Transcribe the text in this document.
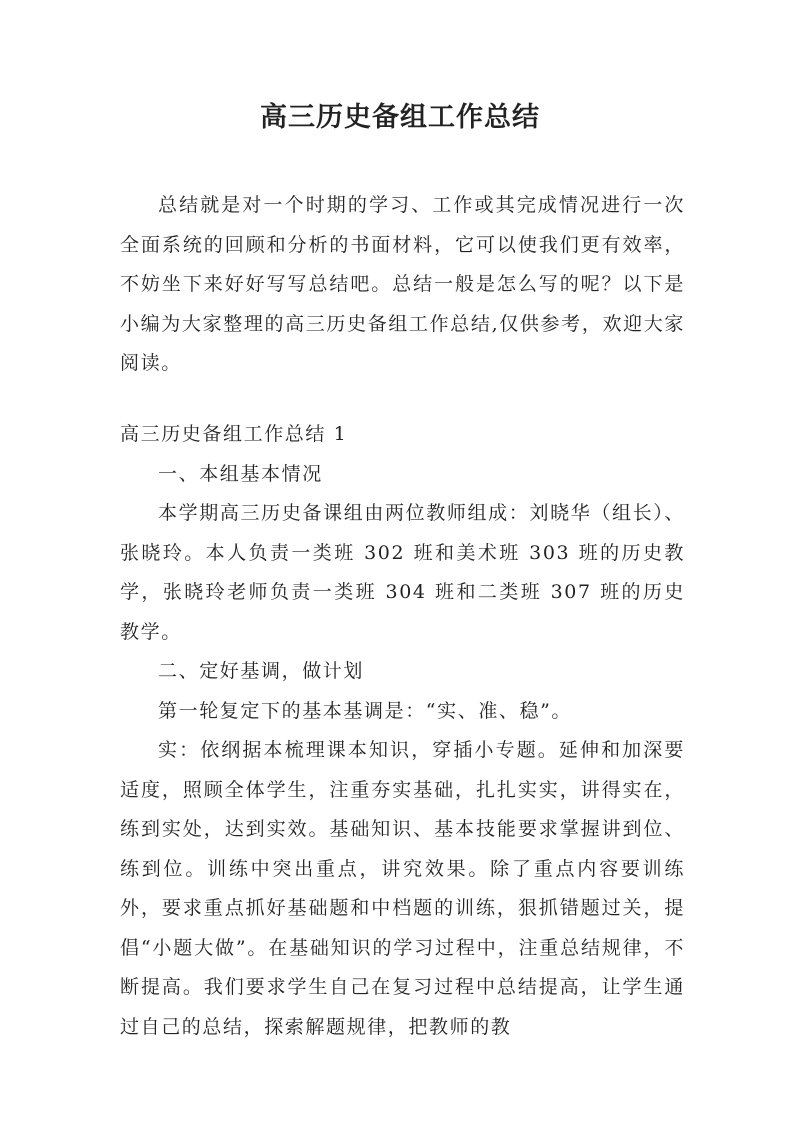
高三历史备组工作总结

总结就是对一个时期的学习、工作或其完成情况进行一次全面系统的回顾和分析的书面材料，它可以使我们更有效率，不妨坐下来好好写写总结吧。总结一般是怎么写的呢？以下是小编为大家整理的高三历史备组工作总结,仅供参考，欢迎大家阅读。

高三历史备组工作总结 1

一、本组基本情况

本学期高三历史备课组由两位教师组成：刘晓华（组长）、张晓玲。本人负责一类班 302 班和美术班 303 班的历史教学，张晓玲老师负责一类班 304 班和二类班 307 班的历史教学。

二、定好基调，做计划

第一轮复定下的基本基调是：“实、准、稳”。

实：依纲据本梳理课本知识，穿插小专题。延伸和加深要适度，照顾全体学生，注重夯实基础，扎扎实实，讲得实在，练到实处，达到实效。基础知识、基本技能要求掌握讲到位、练到位。训练中突出重点，讲究效果。除了重点内容要训练外，要求重点抓好基础题和中档题的训练，狠抓错题过关，提倡“小题大做”。在基础知识的学习过程中，注重总结规律，不断提高。我们要求学生自己在复习过程中总结提高，让学生通过自己的总结，探索解题规律，把教师的教
